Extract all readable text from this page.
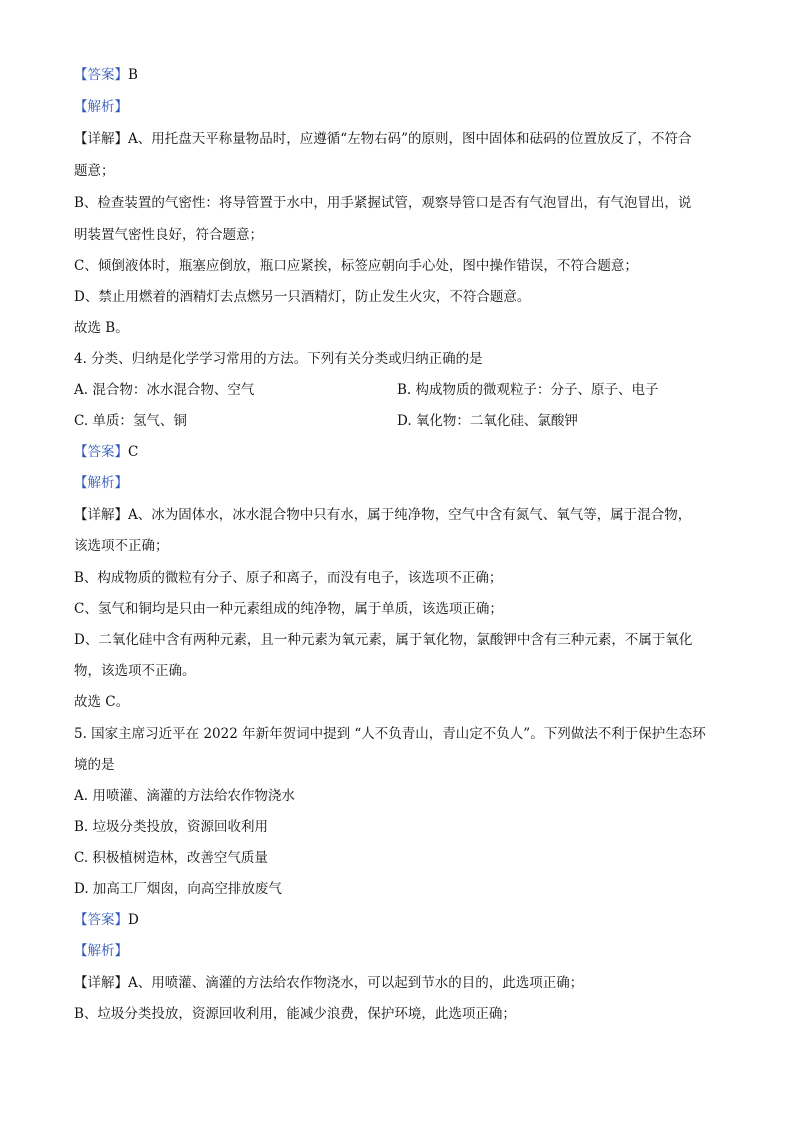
【答案】B
【解析】
【详解】A、用托盘天平称量物品时，应遵循“左物右码”的原则，图中固体和砝码的位置放反了，不符合
题意；
B、检查装置的气密性：将导管置于水中，用手紧握试管，观察导管口是否有气泡冒出，有气泡冒出，说
明装置气密性良好，符合题意；
C、倾倒液体时，瓶塞应倒放，瓶口应紧挨，标签应朝向手心处，图中操作错误，不符合题意；
D、禁止用燃着的酒精灯去点燃另一只酒精灯，防止发生火灾，不符合题意。
故选 B。
4. 分类、归纳是化学学习常用的方法。下列有关分类或归纳正确的是
A. 混合物：冰水混合物、空气	B. 构成物质的微观粒子：分子、原子、电子
C. 单质：氢气、铜	D. 氧化物：二氧化硅、氯酸钾
【答案】C
【解析】
【详解】A、冰为固体水，冰水混合物中只有水，属于纯净物，空气中含有氮气、氧气等，属于混合物，
该选项不正确；
B、构成物质的微粒有分子、原子和离子，而没有电子，该选项不正确；
C、氢气和铜均是只由一种元素组成的纯净物，属于单质，该选项正确；
D、二氧化硅中含有两种元素，且一种元素为氧元素，属于氧化物，氯酸钾中含有三种元素，不属于氧化
物，该选项不正确。
故选 C。
5. 国家主席习近平在 2022 年新年贺词中提到 “人不负青山，青山定不负人”。下列做法不利于保护生态环
境的是
A. 用喷灌、滴灌的方法给农作物浇水
B. 垃圾分类投放，资源回收利用
C. 积极植树造林，改善空气质量
D. 加高工厂烟囱，向高空排放废气
【答案】D
【解析】
【详解】A、用喷灌、滴灌的方法给农作物浇水，可以起到节水的目的，此选项正确；
B、垃圾分类投放，资源回收利用，能减少浪费，保护环境，此选项正确；
